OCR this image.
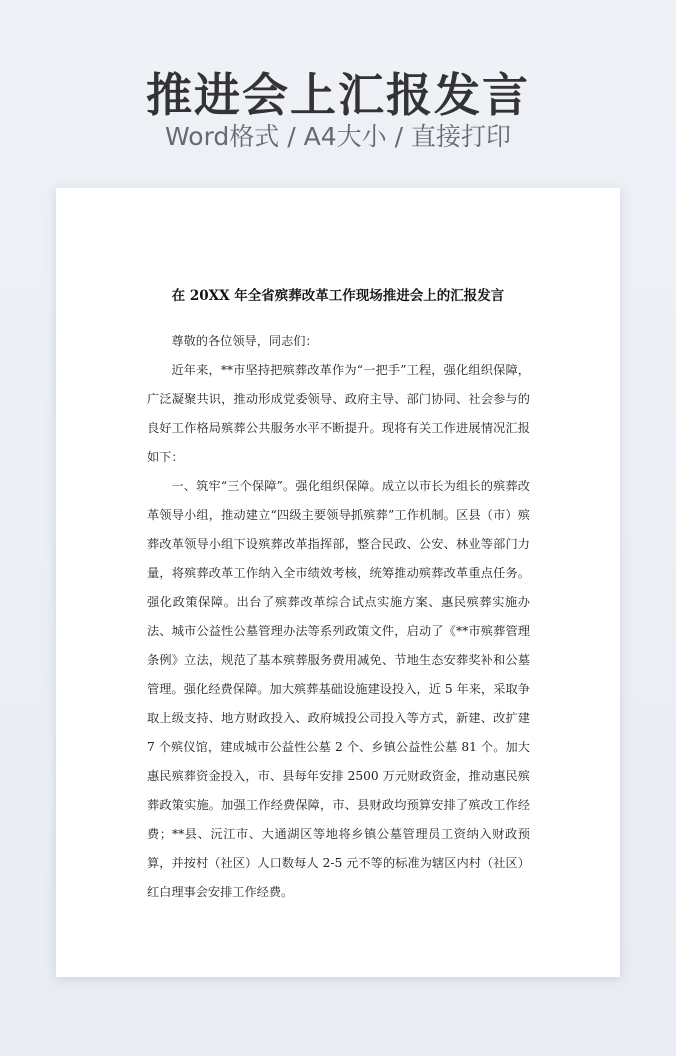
推进会上汇报发言
Word格式 / A4大小 / 直接打印
在 20XX 年全省殡葬改革工作现场推进会上的汇报发言

尊敬的各位领导，同志们：

近年来，**市坚持把殡葬改革作为“一把手”工程，强化组织保障，广泛凝聚共识，推动形成党委领导、政府主导、部门协同、社会参与的良好工作格局殡葬公共服务水平不断提升。现将有关工作进展情况汇报如下：

一、筑牢“三个保障”。强化组织保障。成立以市长为组长的殡葬改革领导小组，推动建立“四级主要领导抓殡葬”工作机制。区县（市）殡葬改革领导小组下设殡葬改革指挥部，整合民政、公安、林业等部门力量，将殡葬改革工作纳入全市绩效考核，统筹推动殡葬改革重点任务。强化政策保障。出台了殡葬改革综合试点实施方案、惠民殡葬实施办法、城市公益性公墓管理办法等系列政策文件，启动了《**市殡葬管理条例》立法，规范了基本殡葬服务费用减免、节地生态安葬奖补和公墓管理。强化经费保障。加大殡葬基础设施建设投入，近 5 年来，采取争取上级支持、地方财政投入、政府城投公司投入等方式，新建、改扩建 7 个殡仪馆，建成城市公益性公墓 2 个、乡镇公益性公墓 81 个。加大惠民殡葬资金投入，市、县每年安排 2500 万元财政资金，推动惠民殡葬政策实施。加强工作经费保障，市、县财政均预算安排了殡改工作经费；**县、沅江市、大通湖区等地将乡镇公墓管理员工资纳入财政预算，并按村（社区）人口数每人 2-5 元不等的标准为辖区内村（社区）红白理事会安排工作经费。
